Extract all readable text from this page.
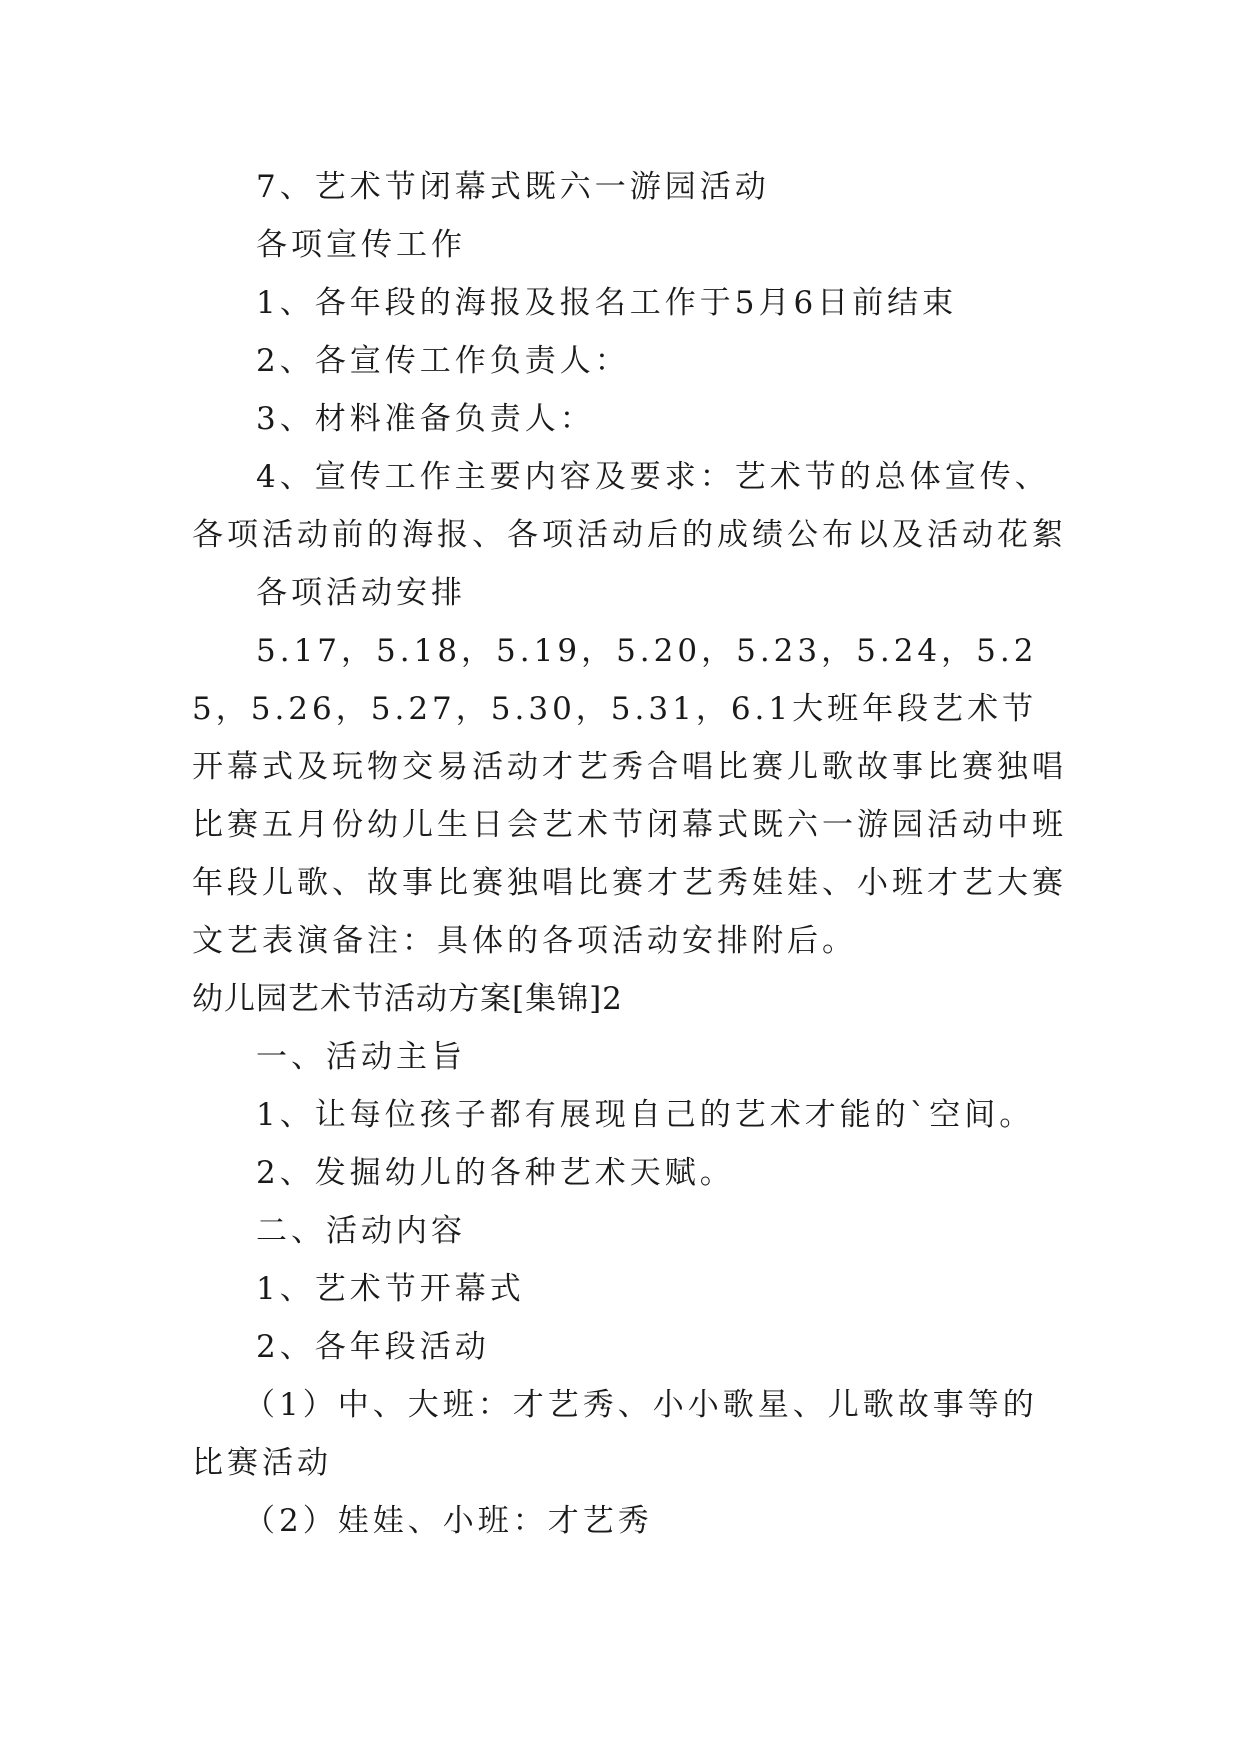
7、艺术节闭幕式既六一游园活动

各项宣传工作

1、各年段的海报及报名工作于5月6日前结束

2、各宣传工作负责人：

3、材料准备负责人：

4、宣传工作主要内容及要求：艺术节的总体宣传、各项活动前的海报、各项活动后的成绩公布以及活动花絮

各项活动安排

5.17，5.18，5.19，5.20，5.23，5.24，5.25，5.26，5.27，5.30，5.31，6.1大班年段艺术节开幕式及玩物交易活动才艺秀合唱比赛儿歌故事比赛独唱比赛五月份幼儿生日会艺术节闭幕式既六一游园活动中班年段儿歌、故事比赛独唱比赛才艺秀娃娃、小班才艺大赛文艺表演备注：具体的各项活动安排附后。

幼儿园艺术节活动方案[集锦]2

一、活动主旨

1、让每位孩子都有展现自己的艺术才能的`空间。

2、发掘幼儿的各种艺术天赋。

二、活动内容

1、艺术节开幕式

2、各年段活动

（1）中、大班：才艺秀、小小歌星、儿歌故事等的比赛活动

（2）娃娃、小班：才艺秀
